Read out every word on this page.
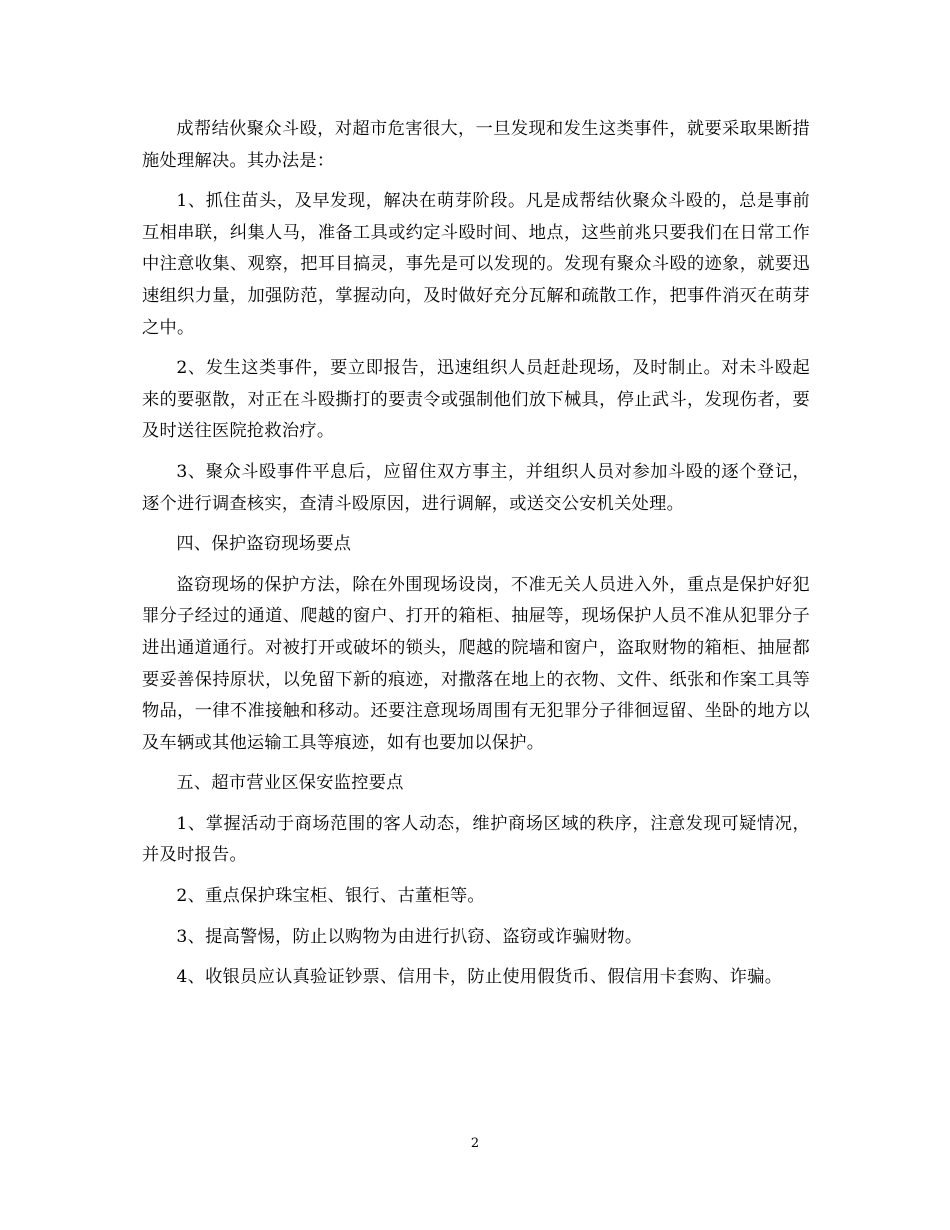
成帮结伙聚众斗殴，对超市危害很大，一旦发现和发生这类事件，就要采取果断措施处理解决。其办法是：

1、抓住苗头，及早发现，解决在萌芽阶段。凡是成帮结伙聚众斗殴的，总是事前互相串联，纠集人马，准备工具或约定斗殴时间、地点，这些前兆只要我们在日常工作中注意收集、观察，把耳目搞灵，事先是可以发现的。发现有聚众斗殴的迹象，就要迅速组织力量，加强防范，掌握动向，及时做好充分瓦解和疏散工作，把事件消灭在萌芽之中。

2、发生这类事件，要立即报告，迅速组织人员赶赴现场，及时制止。对未斗殴起来的要驱散，对正在斗殴撕打的要责令或强制他们放下械具，停止武斗，发现伤者，要及时送往医院抢救治疗。

3、聚众斗殴事件平息后，应留住双方事主，并组织人员对参加斗殴的逐个登记，逐个进行调查核实，查清斗殴原因，进行调解，或送交公安机关处理。

四、保护盗窃现场要点

盗窃现场的保护方法，除在外围现场设岗，不准无关人员进入外，重点是保护好犯罪分子经过的通道、爬越的窗户、打开的箱柜、抽屉等，现场保护人员不准从犯罪分子进出通道通行。对被打开或破坏的锁头，爬越的院墙和窗户，盗取财物的箱柜、抽屉都要妥善保持原状，以免留下新的痕迹，对撒落在地上的衣物、文件、纸张和作案工具等物品，一律不准接触和移动。还要注意现场周围有无犯罪分子徘徊逗留、坐卧的地方以及车辆或其他运输工具等痕迹，如有也要加以保护。

五、超市营业区保安监控要点

1、掌握活动于商场范围的客人动态，维护商场区域的秩序，注意发现可疑情况，并及时报告。

2、重点保护珠宝柜、银行、古董柜等。

3、提高警惕，防止以购物为由进行扒窃、盗窃或诈骗财物。

4、收银员应认真验证钞票、信用卡，防止使用假货币、假信用卡套购、诈骗。

2
